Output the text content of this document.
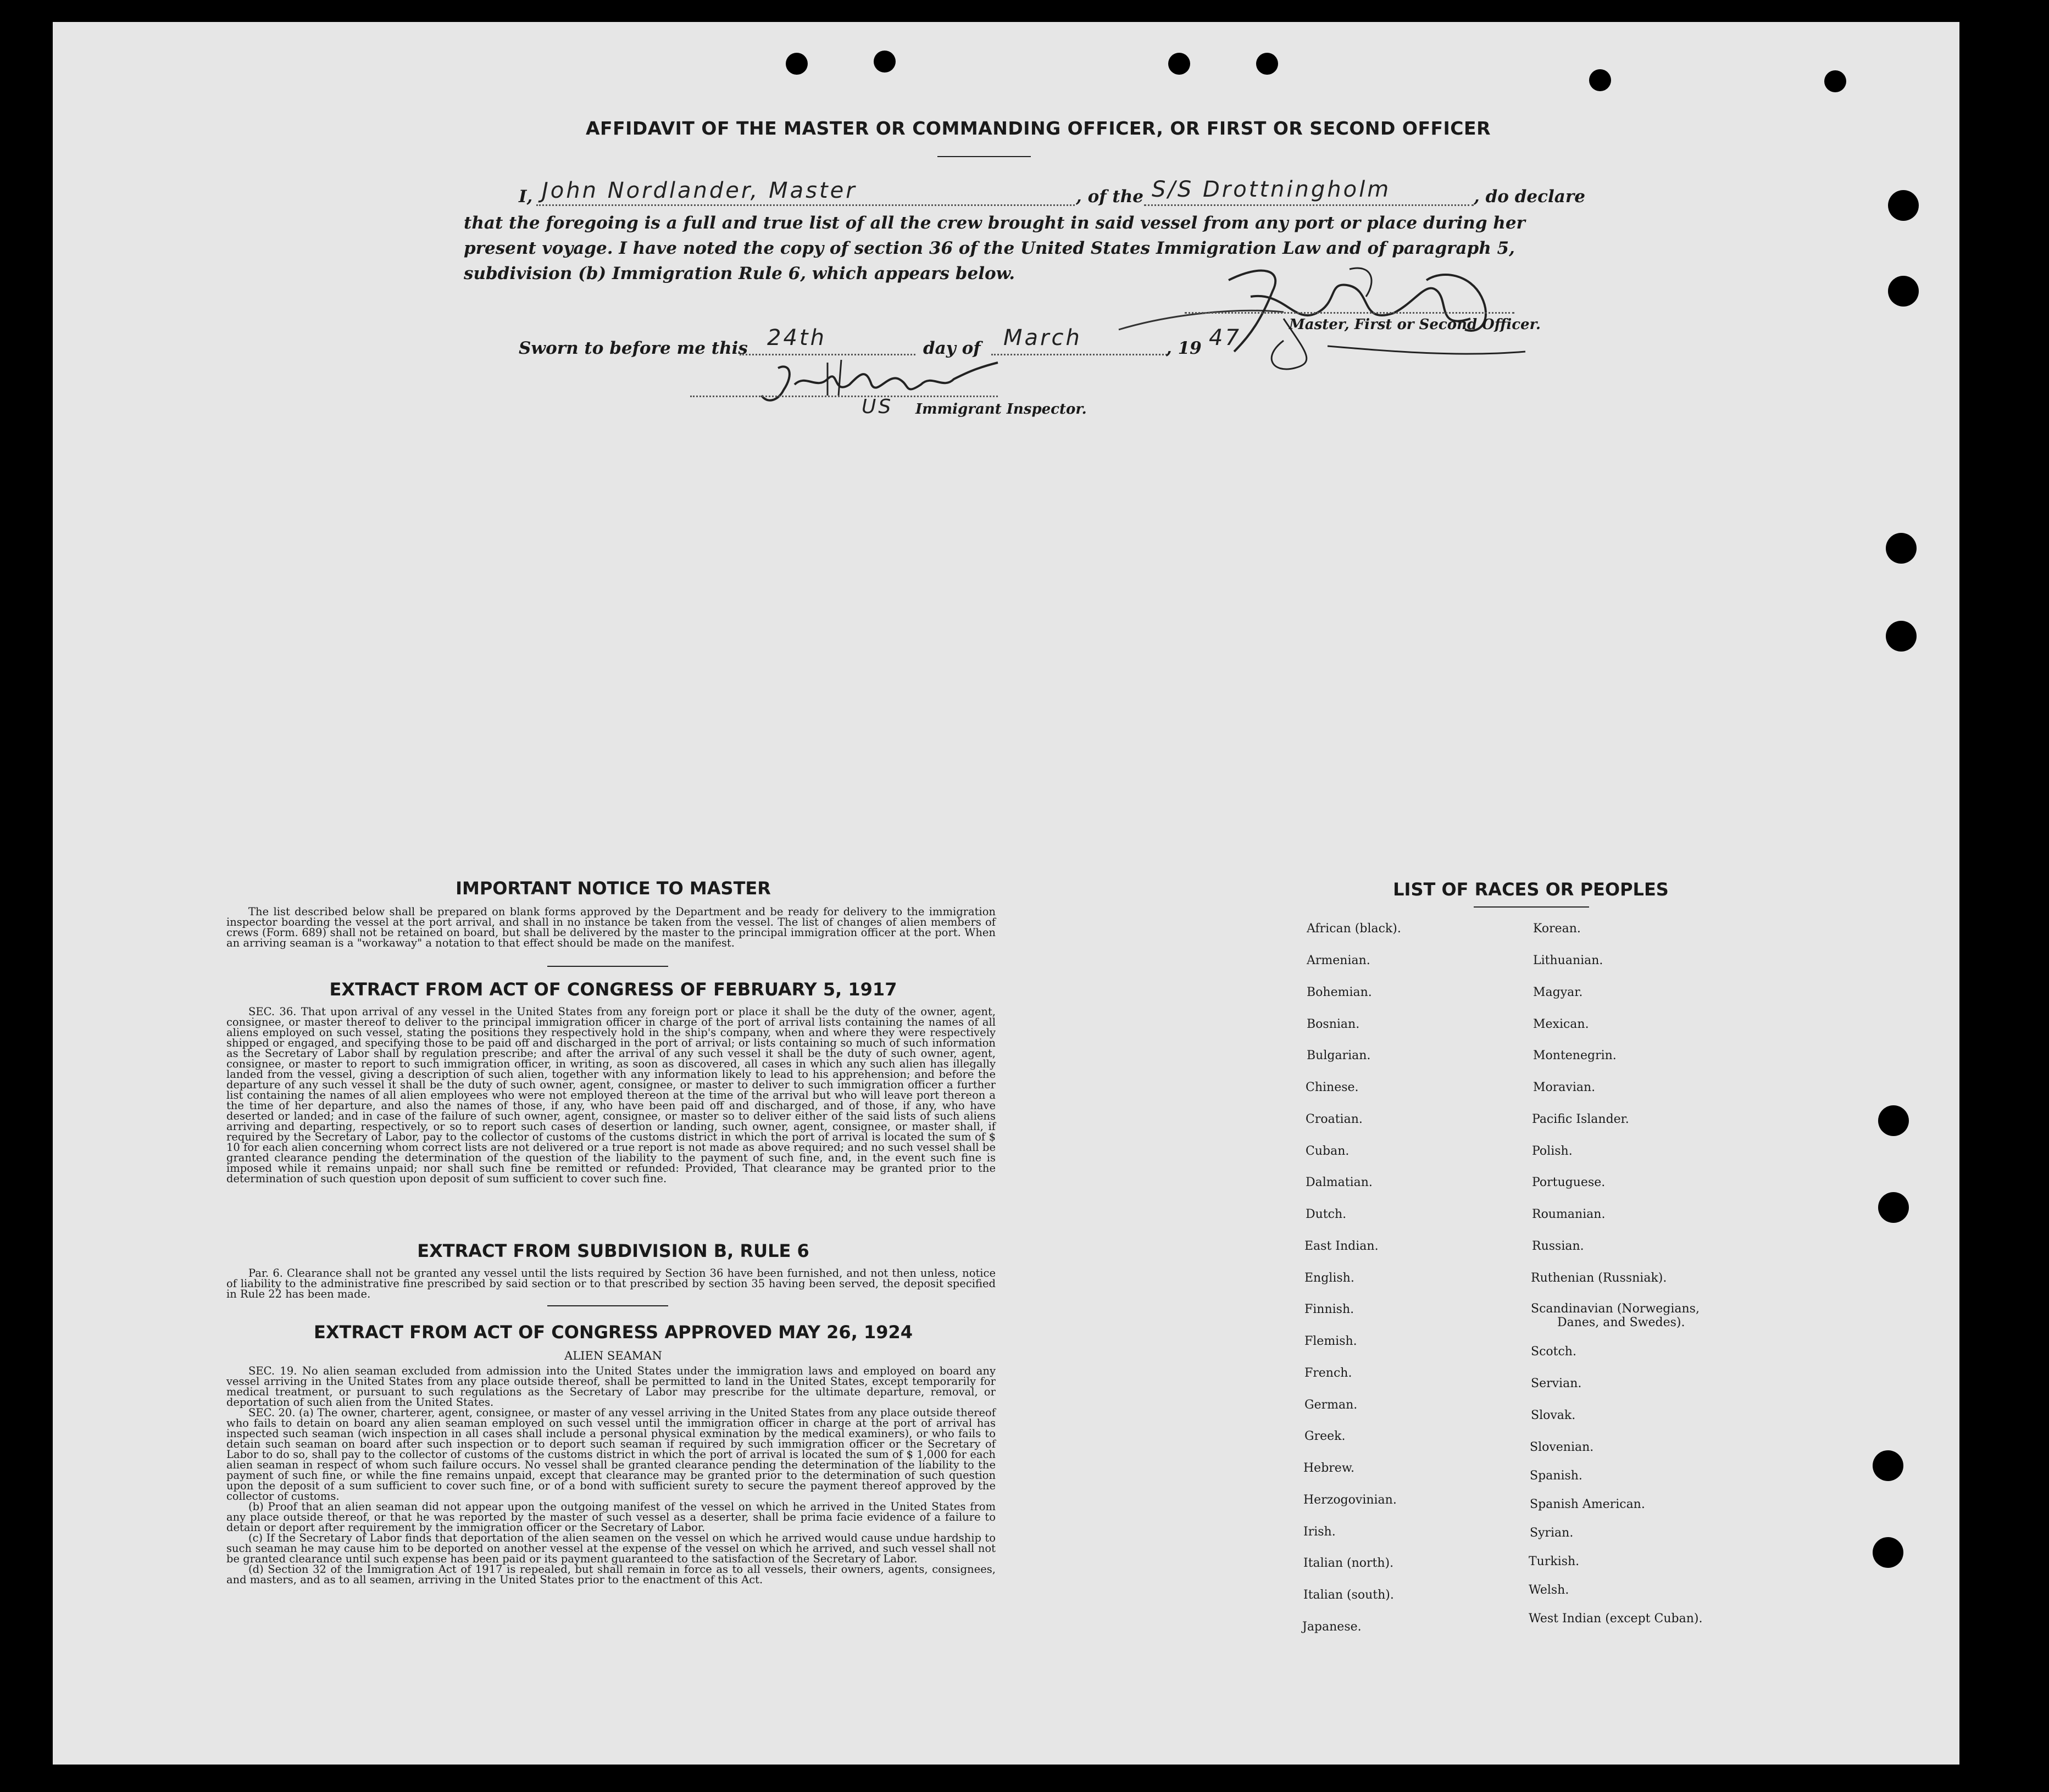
AFFIDAVIT OF THE MASTER OR COMMANDING OFFICER, OR FIRST OR SECOND OFFICER
I, John Nordlander, Master	, of the S/S Drottningholm	, do declare
that the foregoing is a full and true list of all the crew brought in said vessel from any port or place during her
present voyage. I have noted the copy of section 36 of the United States Immigration Law and of paragraph 5,
subdivision (b) Immigration Rule 6, which appears below.
Master, First or Second Officer.
Sworn to before me this 24th	day of March	, 19 47
US Immigrant Inspector.
IMPORTANT NOTICE TO MASTER

The list described below shall be prepared on blank forms approved by the Department and be ready for delivery to the immigration inspector boarding the vessel at the port arrival, and shall in no instance be taken from the vessel. The list of changes of alien members of crews (Form. 689) shall not be retained on board, but shall be delivered by the master to the principal immigration officer at the port. When an arriving seaman is a "workaway" a notation to that effect should be made on the manifest.

EXTRACT FROM ACT OF CONGRESS OF FEBRUARY 5, 1917

SEC. 36. That upon arrival of any vessel in the United States from any foreign port or place it shall be the duty of the owner, agent, consignee, or master thereof to deliver to the principal immigration officer in charge of the port of arrival lists containing the names of all aliens employed on such vessel, stating the positions they respectively hold in the ship's company, when and where they were respectively shipped or engaged, and specifying those to be paid off and discharged in the port of arrival; or lists containing so much of such information as the Secretary of Labor shall by regulation prescribe; and after the arrival of any such vessel it shall be the duty of such owner, agent, consignee, or master to report to such immigration officer, in writing, as soon as discovered, all cases in which any such alien has illegally landed from the vessel, giving a description of such alien, together with any information likely to lead to his apprehension; and before the departure of any such vessel it shall be the duty of such owner, agent, consignee, or master to deliver to such immigration officer a further list containing the names of all alien employees who were not employed thereon at the time of the arrival but who will leave port thereon a the time of her departure, and also the names of those, if any, who have been paid off and discharged, and of those, if any, who have deserted or landed; and in case of the failure of such owner, agent, consignee, or master so to deliver either of the said lists of such aliens arriving and departing, respectively, or so to report such cases of desertion or landing, such owner, agent, consignee, or master shall, if required by the Secretary of Labor, pay to the collector of customs of the customs district in which the port of arrival is located the sum of $ 10 for each alien concerning whom correct lists are not delivered or a true report is not made as above required; and no such vessel shall be granted clearance pending the determination of the question of the liability to the payment of such fine, and, in the event such fine is imposed while it remains unpaid; nor shall such fine be remitted or refunded: Provided, That clearance may be granted prior to the determination of such question upon deposit of sum sufficient to cover such fine.

EXTRACT FROM SUBDIVISION B, RULE 6

Par. 6. Clearance shall not be granted any vessel until the lists required by Section 36 have been furnished, and not then unless, notice of liability to the administrative fine prescribed by said section or to that prescribed by section 35 having been served, the deposit specified in Rule 22 has been made.

EXTRACT FROM ACT OF CONGRESS APPROVED MAY 26, 1924
ALIEN SEAMAN

SEC. 19. No alien seaman excluded from admission into the United States under the immigration laws and employed on board any vessel arriving in the United States from any place outside thereof, shall be permitted to land in the United States, except temporarily for medical treatment, or pursuant to such regulations as the Secretary of Labor may prescribe for the ultimate departure, removal, or deportation of such alien from the United States.

SEC. 20. (a) The owner, charterer, agent, consignee, or master of any vessel arriving in the United States from any place outside thereof who fails to detain on board any alien seaman employed on such vessel until the immigration officer in charge at the port of arrival has inspected such seaman (wich inspection in all cases shall include a personal physical exmination by the medical examiners), or who fails to detain such seaman on board after such inspection or to deport such seaman if required by such immigration officer or the Secretary of Labor to do so, shall pay to the collector of customs of the customs district in which the port of arrival is located the sum of $ 1,000 for each alien seaman in respect of whom such failure occurs. No vessel shall be granted clearance pending the determination of the liability to the payment of such fine, or while the fine remains unpaid, except that clearance may be granted prior to the determination of such question upon the deposit of a sum sufficient to cover such fine, or of a bond with sufficient surety to secure the payment thereof approved by the collector of customs.

(b) Proof that an alien seaman did not appear upon the outgoing manifest of the vessel on which he arrived in the United States from any place outside thereof, or that he was reported by the master of such vessel as a deserter, shall be prima facie evidence of a failure to detain or deport after requirement by the immigration officer or the Secretary of Labor.

(c) If the Secretary of Labor finds that deportation of the alien seamen on the vessel on which he arrived would cause undue hardship to such seaman he may cause him to be deported on another vessel at the expense of the vessel on which he arrived, and such vessel shall not be granted clearance until such expense has been paid or its payment guaranteed to the satisfaction of the Secretary of Labor.

(d) Section 32 of the Immigration Act of 1917 is repealed, but shall remain in force as to all vessels, their owners, agents, consignees, and masters, and as to all seamen, arriving in the United States prior to the enactment of this Act.

LIST OF RACES OR PEOPLES
African (black).
Armenian.
Bohemian.
Bosnian.
Bulgarian.
Chinese.
Croatian.
Cuban.
Dalmatian.
Dutch.
East Indian.
English.
Finnish.
Flemish.
French.
German.
Greek.
Hebrew.
Herzogovinian.
Irish.
Italian (north).
Italian (south).
Japanese.
Korean.
Lithuanian.
Magyar.
Mexican.
Montenegrin.
Moravian.
Pacific Islander.
Polish.
Portuguese.
Roumanian.
Russian.
Ruthenian (Russniak).
Scandinavian (Norwegians,
Danes, and Swedes).
Scotch.
Servian.
Slovak.
Slovenian.
Spanish.
Spanish American.
Syrian.
Turkish.
Welsh.
West Indian (except Cuban).
